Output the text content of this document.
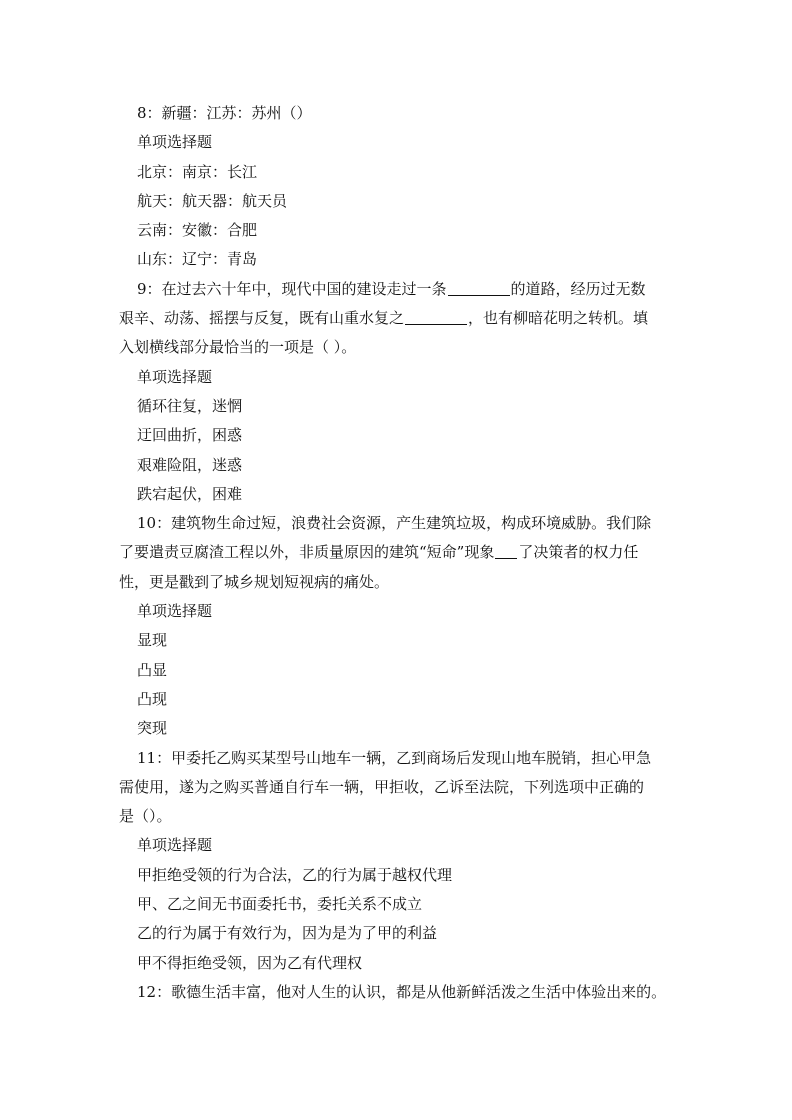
8：新疆：江苏：苏州（）
单项选择题
北京：南京：长江
航天：航天器：航天员
云南：安徽：合肥
山东：辽宁：青岛
9：在过去六十年中，现代中国的建设走过一条	的道路，经历过无数
艰辛、动荡、摇摆与反复，既有山重水复之	，也有柳暗花明之转机。填
入划横线部分最恰当的一项是（ ）。
单项选择题
循环往复，迷惘
迂回曲折，困惑
艰难险阻，迷惑
跌宕起伏，困难
10：建筑物生命过短，浪费社会资源，产生建筑垃圾，构成环境威胁。我们除
了要遣责豆腐渣工程以外，非质量原因的建筑“短命”现象 了决策者的权力任
性，更是戳到了城乡规划短视病的痛处。
单项选择题
显现
凸显
凸现
突现
11：甲委托乙购买某型号山地车一辆，乙到商场后发现山地车脱销，担心甲急
需使用，遂为之购买普通自行车一辆，甲拒收，乙诉至法院，下列选项中正确的
是（）。
单项选择题
甲拒绝受领的行为合法，乙的行为属于越权代理
甲、乙之间无书面委托书，委托关系不成立
乙的行为属于有效行为，因为是为了甲的利益
甲不得拒绝受领，因为乙有代理权
12：歌德生活丰富，他对人生的认识，都是从他新鲜活泼之生活中体验出来的。
